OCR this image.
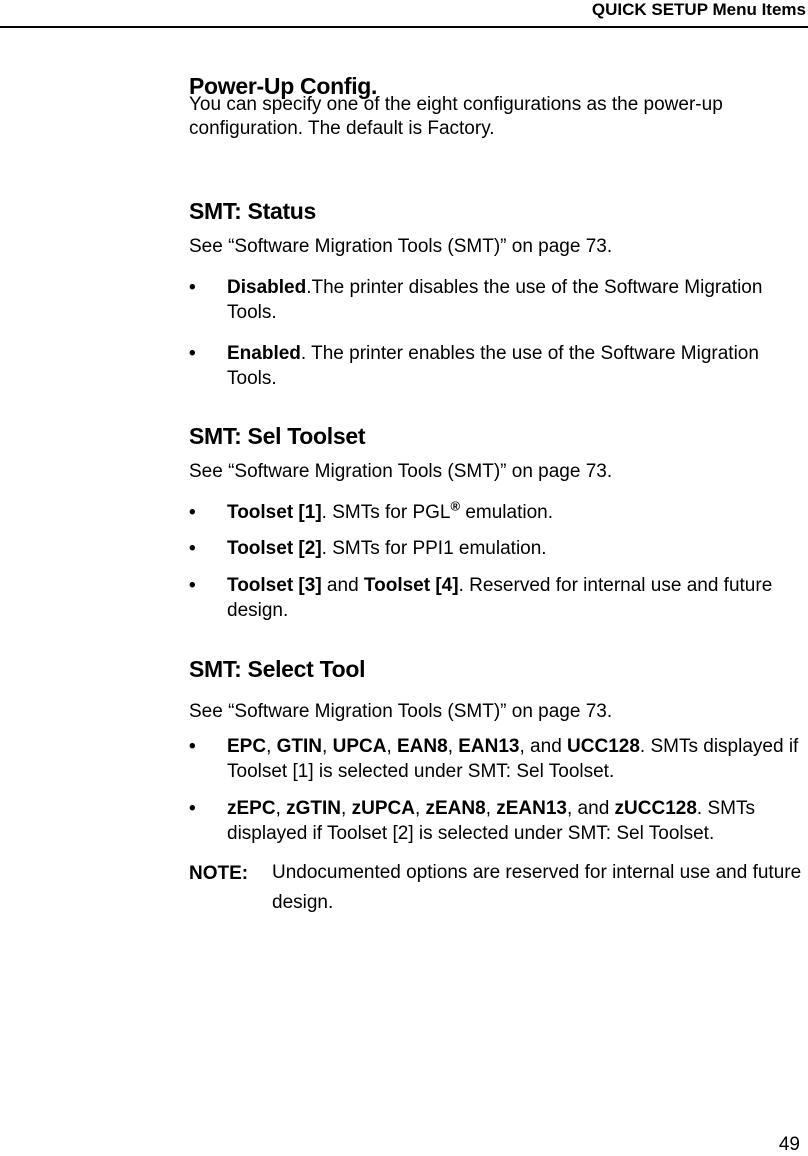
QUICK SETUP Menu Items
Power-Up Config.
You can specify one of the eight configurations as the power-up configuration. The default is Factory.
SMT: Status
See “Software Migration Tools (SMT)” on page 73.
• Disabled.The printer disables the use of the Software Migration Tools.
• Enabled. The printer enables the use of the Software Migration Tools.
SMT: Sel Toolset
See “Software Migration Tools (SMT)” on page 73.
• Toolset [1]. SMTs for PGL® emulation.
• Toolset [2]. SMTs for PPI1 emulation.
• Toolset [3] and Toolset [4]. Reserved for internal use and future design.
SMT: Select Tool
See “Software Migration Tools (SMT)” on page 73.
• EPC, GTIN, UPCA, EAN8, EAN13, and UCC128. SMTs displayed if Toolset [1] is selected under SMT: Sel Toolset.
• zEPC, zGTIN, zUPCA, zEAN8, zEAN13, and zUCC128. SMTs displayed if Toolset [2] is selected under SMT: Sel Toolset.
NOTE: Undocumented options are reserved for internal use and future design.
49
